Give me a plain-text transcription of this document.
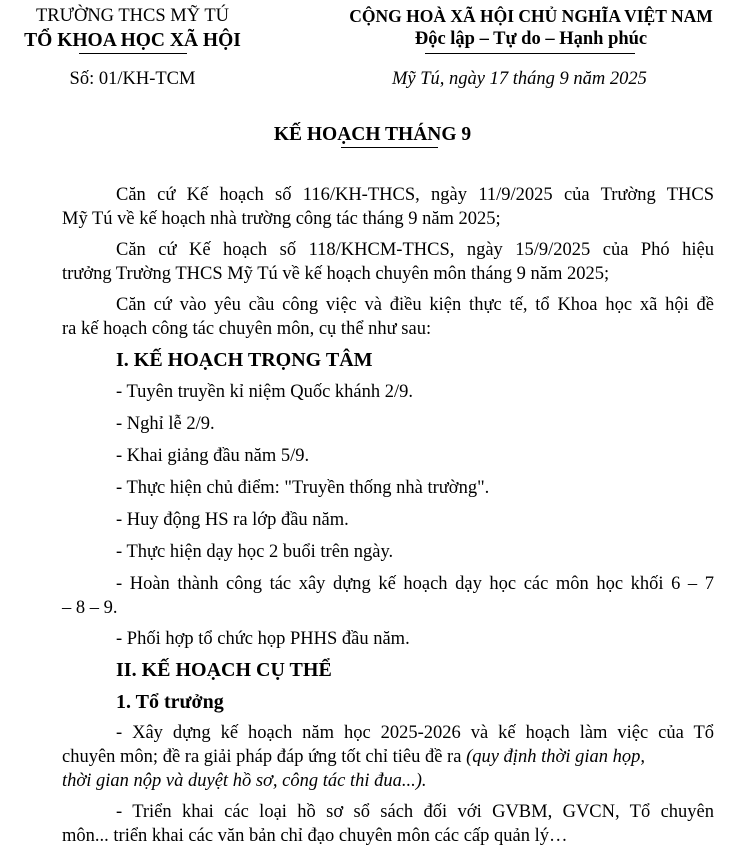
TRƯỜNG THCS MỸ TÚ
TỔ KHOA HỌC XÃ HỘI
Số: 01/KH-TCM
CỘNG HOÀ XÃ HỘI CHỦ NGHĨA VIỆT NAM
Độc lập – Tự do – Hạnh phúc
Mỹ Tú, ngày 17 tháng 9 năm 2025
KẾ HOẠCH THÁNG 9
Căn cứ Kế hoạch số 116/KH-THCS, ngày 11/9/2025 của Trường THCS
Mỹ Tú về kế hoạch nhà trường công tác tháng 9 năm 2025;
Căn cứ Kế hoạch số 118/KHCM-THCS, ngày 15/9/2025 của Phó hiệu
trưởng Trường THCS Mỹ Tú về kế hoạch chuyên môn tháng 9 năm 2025;
Căn cứ vào yêu cầu công việc và điều kiện thực tế, tổ Khoa học xã hội đề
ra kế hoạch công tác chuyên môn, cụ thể như sau:
I. KẾ HOẠCH TRỌNG TÂM
- Tuyên truyền kỉ niệm Quốc khánh 2/9.
- Nghỉ lễ 2/9.
- Khai giảng đầu năm 5/9.
- Thực hiện chủ điểm: "Truyền thống nhà trường".
- Huy động HS ra lớp đầu năm.
- Thực hiện dạy học 2 buổi trên ngày.
- Hoàn thành công tác xây dựng kế hoạch dạy học các môn học khối 6 – 7
– 8 – 9.
- Phối hợp tổ chức họp PHHS đầu năm.
II. KẾ HOẠCH CỤ THỂ
1. Tổ trưởng
- Xây dựng kế hoạch năm học 2025-2026 và kế hoạch làm việc của Tổ
chuyên môn; đề ra giải pháp đáp ứng tốt chỉ tiêu đề ra (quy định thời gian họp,
thời gian nộp và duyệt hồ sơ, công tác thi đua...).
- Triển khai các loại hồ sơ sổ sách đối với GVBM, GVCN, Tổ chuyên
môn... triển khai các văn bản chỉ đạo chuyên môn các cấp quản lý…
